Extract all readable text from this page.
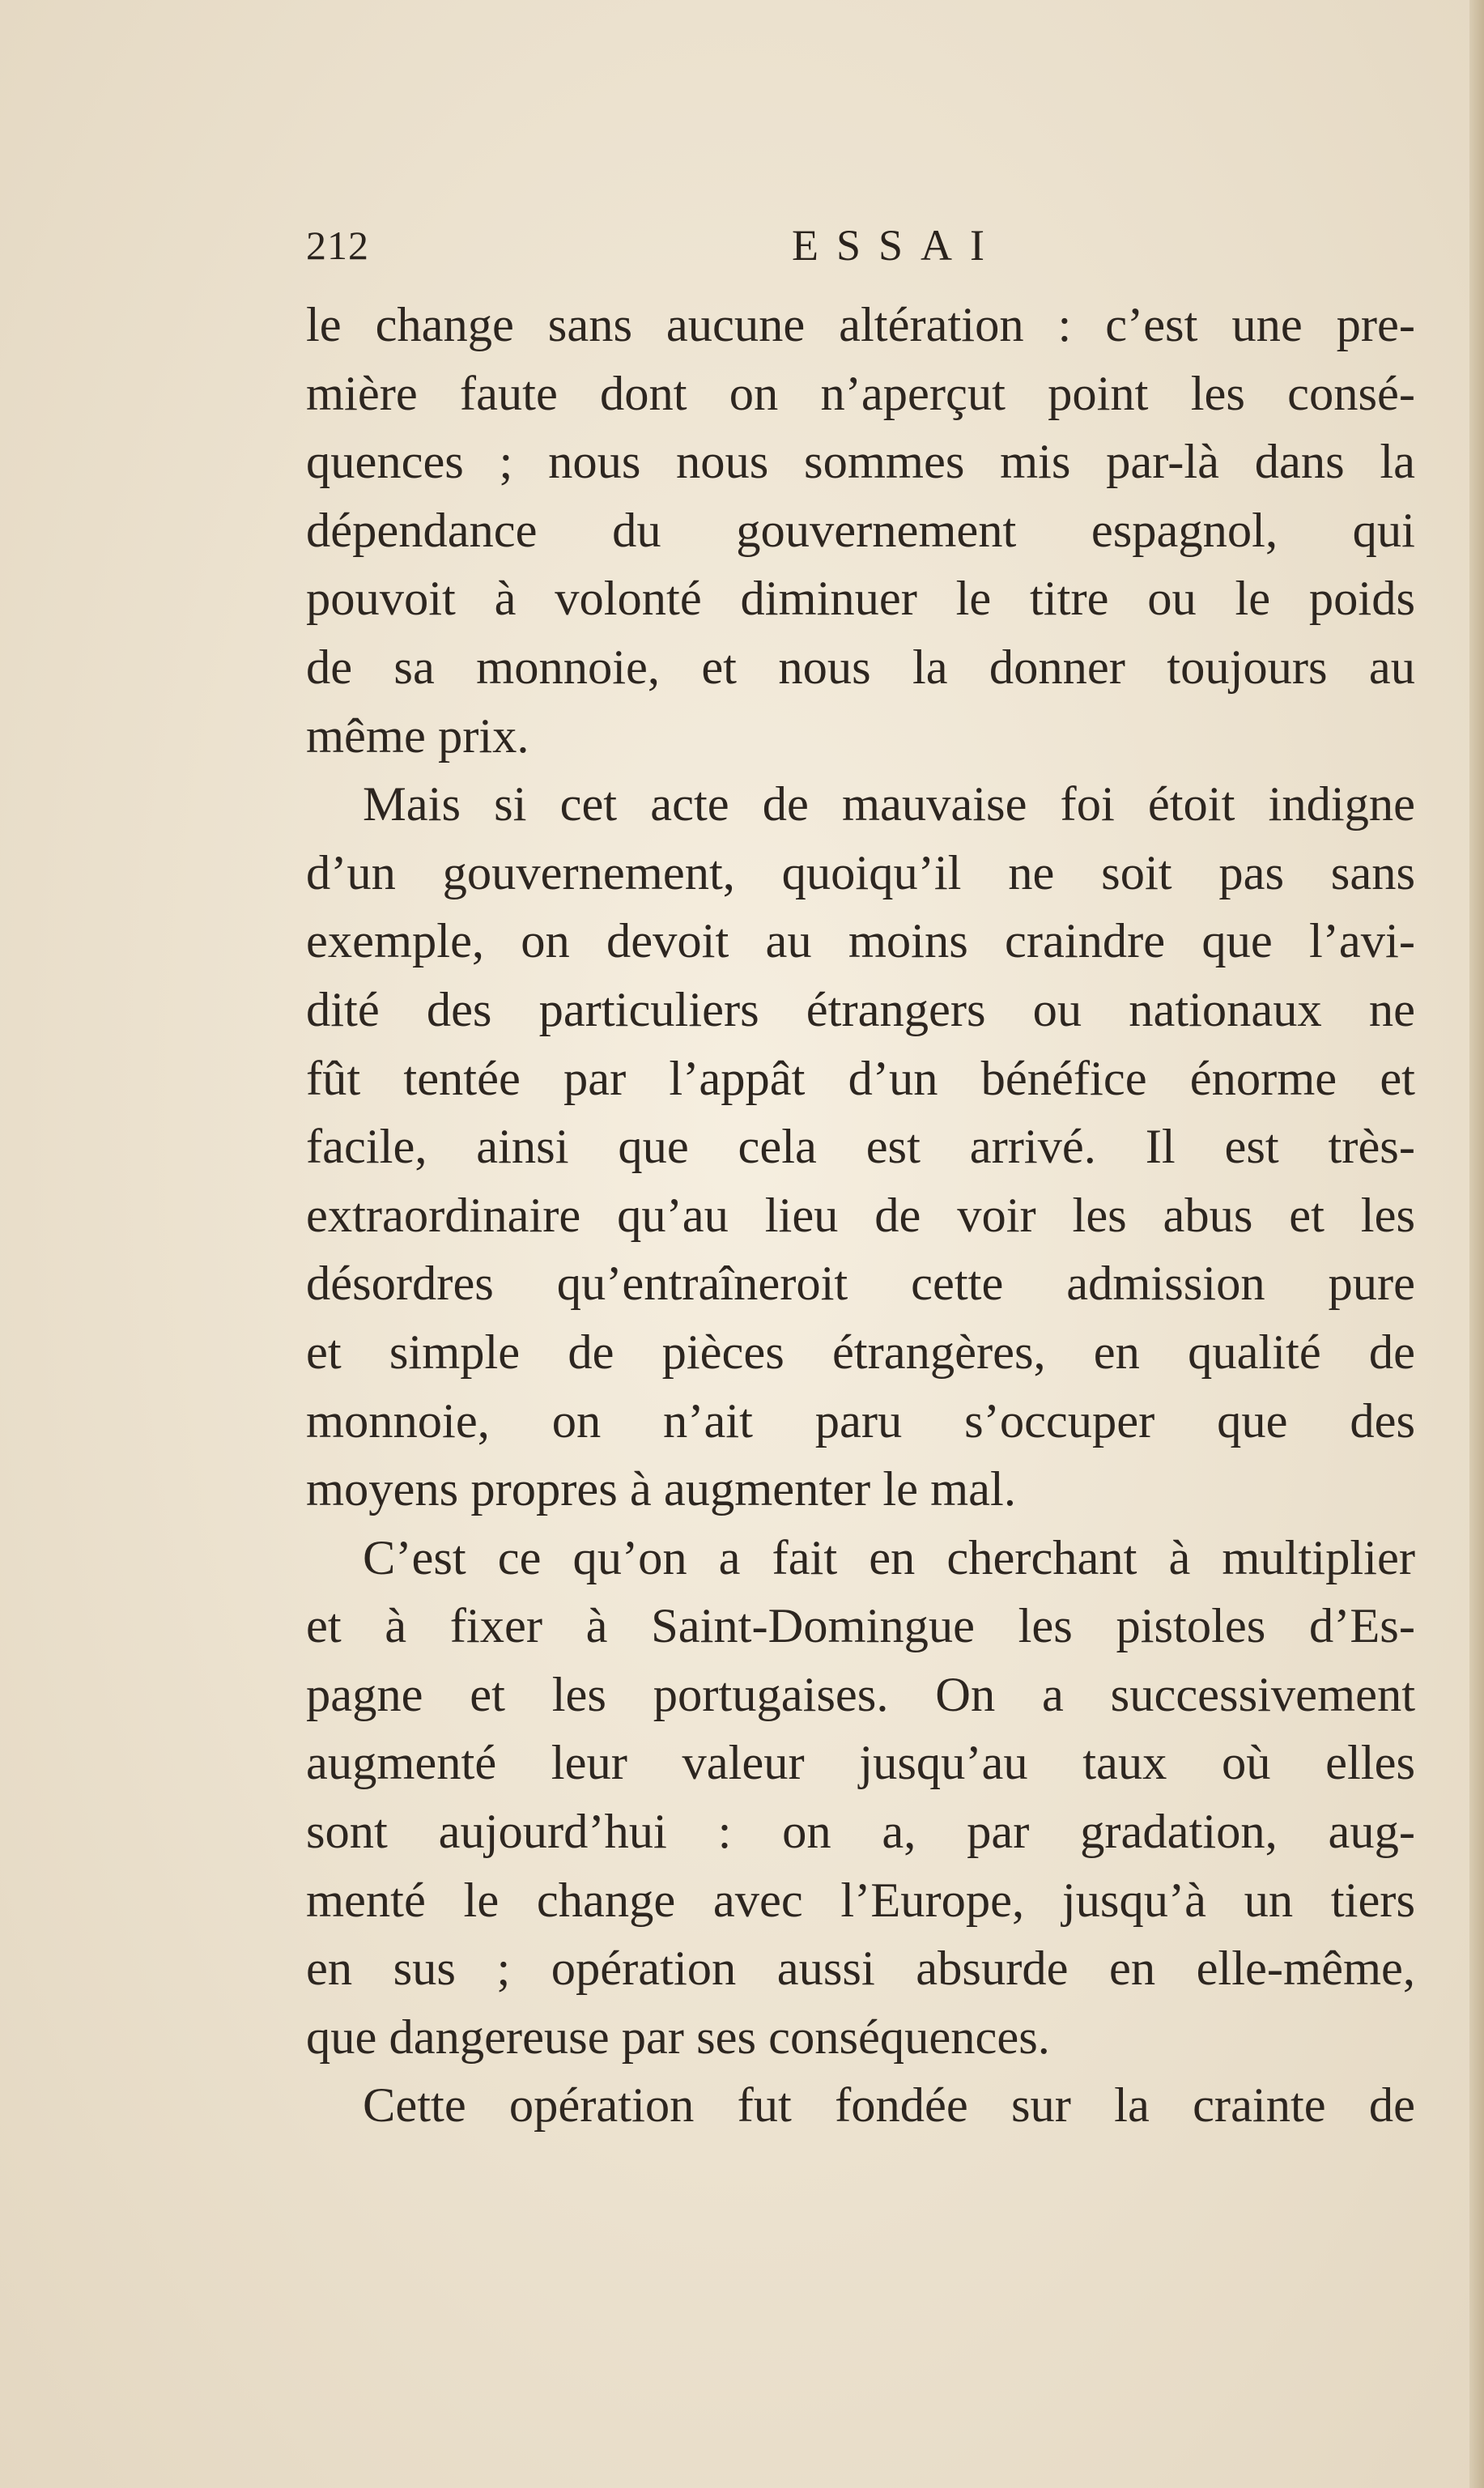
212	ESSAI
le change sans aucune altération : c’est une pre-
mière faute dont on n’aperçut point les consé-
quences ; nous nous sommes mis par-là dans la
dépendance du gouvernement espagnol, qui
pouvoit à volonté diminuer le titre ou le poids
de sa monnoie, et nous la donner toujours au
même prix.
Mais si cet acte de mauvaise foi étoit indigne
d’un gouvernement, quoiqu’il ne soit pas sans
exemple, on devoit au moins craindre que l’avi-
dité des particuliers étrangers ou nationaux ne
fût tentée par l’appât d’un bénéfice énorme et
facile, ainsi que cela est arrivé. Il est très-
extraordinaire qu’au lieu de voir les abus et les
désordres qu’entraîneroit cette admission pure
et simple de pièces étrangères, en qualité de
monnoie, on n’ait paru s’occuper que des
moyens propres à augmenter le mal.
C’est ce qu’on a fait en cherchant à multiplier
et à fixer à Saint-Domingue les pistoles d’Es-
pagne et les portugaises. On a successivement
augmenté leur valeur jusqu’au taux où elles
sont aujourd’hui : on a, par gradation, aug-
menté le change avec l’Europe, jusqu’à un tiers
en sus ; opération aussi absurde en elle-même,
que dangereuse par ses conséquences.
Cette opération fut fondée sur la crainte de
